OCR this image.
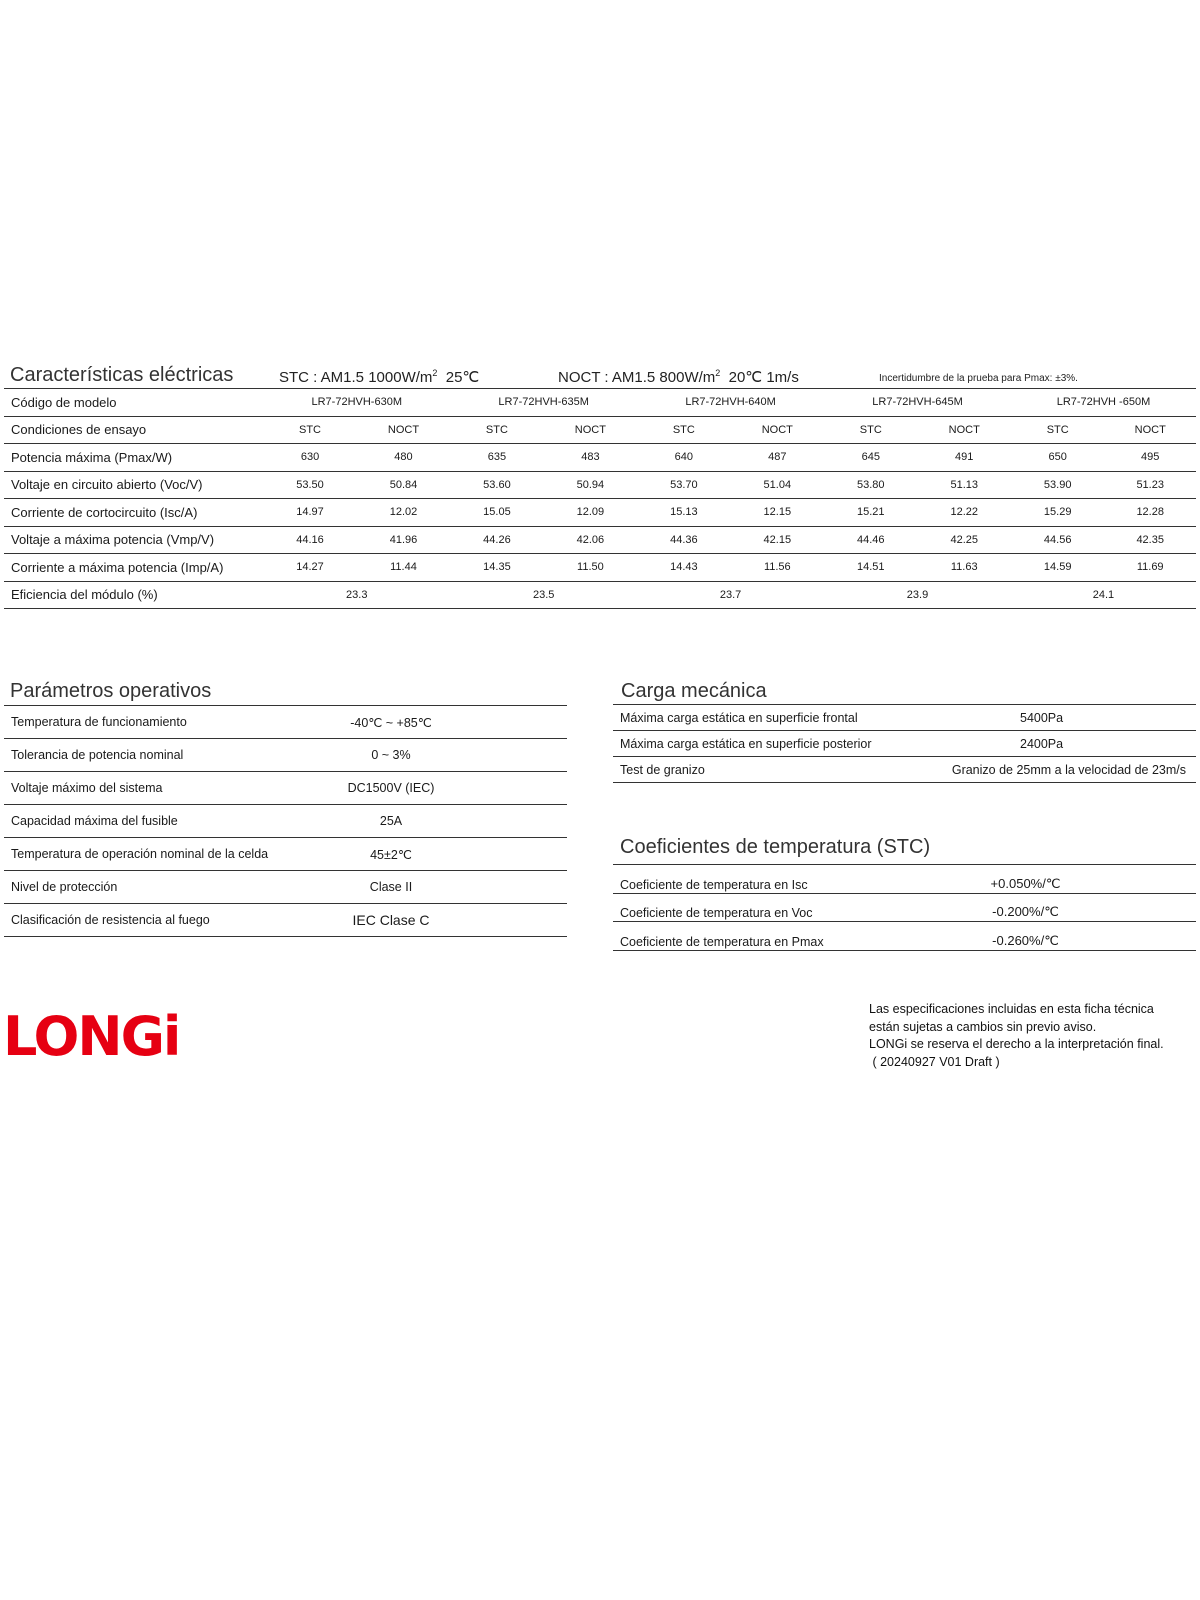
Características eléctricas	STC : AM1.5 $1000W/m^2$ 25℃	NOCT : AM1.5 $800W/m^2$ 20℃ 1m/s	Incertidumbre de la prueba para Pmax: ±3%.
Código de modelo	LR7-72HVH-630M		LR7-72HVH-635M		LR7-72HVH-640M		LR7-72HVH-645M		LR7-72HVH -650M	
Condiciones de ensayo	STC	NOCT	STC	NOCT	STC	NOCT	STC	NOCT	STC	NOCT
Potencia máxima (Pmax/W)	630	480	635	483	640	487	645	491	650	495
Voltaje en circuito abierto (Voc/V)	53.50	50.84	53.60	50.94	53.70	51.04	53.80	51.13	53.90	51.23
Corriente de cortocircuito (Isc/A)	14.97	12.02	15.05	12.09	15.13	12.15	15.21	12.22	15.29	12.28
Voltaje a máxima potencia (Vmp/V)	44.16	41.96	44.26	42.06	44.36	42.15	44.46	42.25	44.56	42.35
Corriente a máxima potencia (Imp/A)	14.27	11.44	14.35	11.50	14.43	11.56	14.51	11.63	14.59	11.69
Eficiencia del módulo (%)	23.3		23.5		23.7		23.9		24.1	
Parámetros operativos
Temperatura de funcionamiento	-40℃ ~ +85℃	
Tolerancia de potencia nominal	0 ~ 3%	
Voltaje máximo del sistema	DC1500V (IEC)	
Capacidad máxima del fusible	25A	
Temperatura de operación nominal de la celda	45±2℃	
Nivel de protección	Clase II	
Clasificación de resistencia al fuego	IEC Clase C	
Carga mecánica
Máxima carga estática en superficie frontal	5400Pa
Máxima carga estática en superficie posterior	2400Pa
Test de granizo	Granizo de 25mm a la velocidad de 23m/s
Coeficientes de temperatura (STC)
Coeficiente de temperatura en Isc	+0.050%/℃	
Coeficiente de temperatura en Voc	-0.200%/℃	
Coeficiente de temperatura en Pmax	-0.260%/℃	
LONGi	Las especificaciones incluidas en esta ficha técnica
están sujetas a cambios sin previo aviso.
LONGi se reserva el derecho a la interpretación final.
( 20240927 V01 Draft )
